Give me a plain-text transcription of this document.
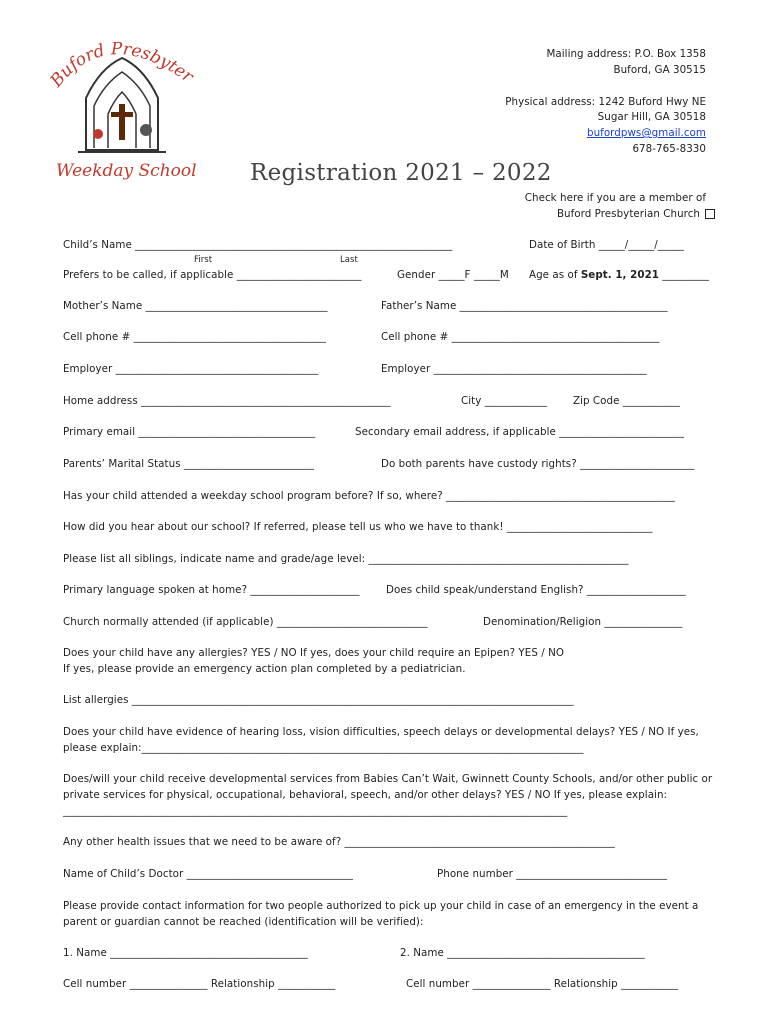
Buford Presbyter
Weekday School
Mailing address: P.O. Box 1358
Buford, GA 30515
Physical address: 1242 Buford Hwy NE
Sugar Hill, GA 30518
bufordpws@gmail.com
678-765-8330
Registration 2021 – 2022
Check here if you are a member of
Buford Presbyterian Church
Child’s Name _____________________________________________________________	Date of Birth _____/_____/_____
First	Last
Prefers to be called, if applicable ________________________	Gender _____F _____M Age as of Sept. 1, 2021 _________
Mother’s Name ___________________________________	Father’s Name ________________________________________
Cell phone # _____________________________________	Cell phone # ________________________________________
Employer _______________________________________	Employer _________________________________________
Home address ________________________________________________	City ____________	Zip Code ___________
Primary email __________________________________	Secondary email address, if applicable ________________________
Parents’ Marital Status _________________________	Do both parents have custody rights? ______________________
Has your child attended a weekday school program before? If so, where? ____________________________________________
How did you hear about our school? If referred, please tell us who we have to thank! ____________________________
Please list all siblings, indicate name and grade/age level: __________________________________________________
Primary language spoken at home? _____________________	Does child speak/understand English? ___________________
Church normally attended (if applicable) _____________________________	Denomination/Religion _______________
Does your child have any allergies? YES / NO If yes, does your child require an Epipen? YES / NO
If yes, please provide an emergency action plan completed by a pediatrician.
List allergies _____________________________________________________________________________________
Does your child have evidence of hearing loss, vision difficulties, speech delays or developmental delays? YES / NO If yes,
please explain:_____________________________________________________________________________________
Does/will your child receive developmental services from Babies Can’t Wait, Gwinnett County Schools, and/or other public or
private services for physical, occupational, behavioral, speech, and/or other delays? YES / NO If yes, please explain:
_________________________________________________________________________________________________
Any other health issues that we need to be aware of? ____________________________________________________
Name of Child’s Doctor ________________________________	Phone number _____________________________
Please provide contact information for two people authorized to pick up your child in case of an emergency in the event a
parent or guardian cannot be reached (identification will be verified):
1. Name ______________________________________	2. Name ______________________________________
Cell number _______________ Relationship ___________	Cell number _______________ Relationship ___________
